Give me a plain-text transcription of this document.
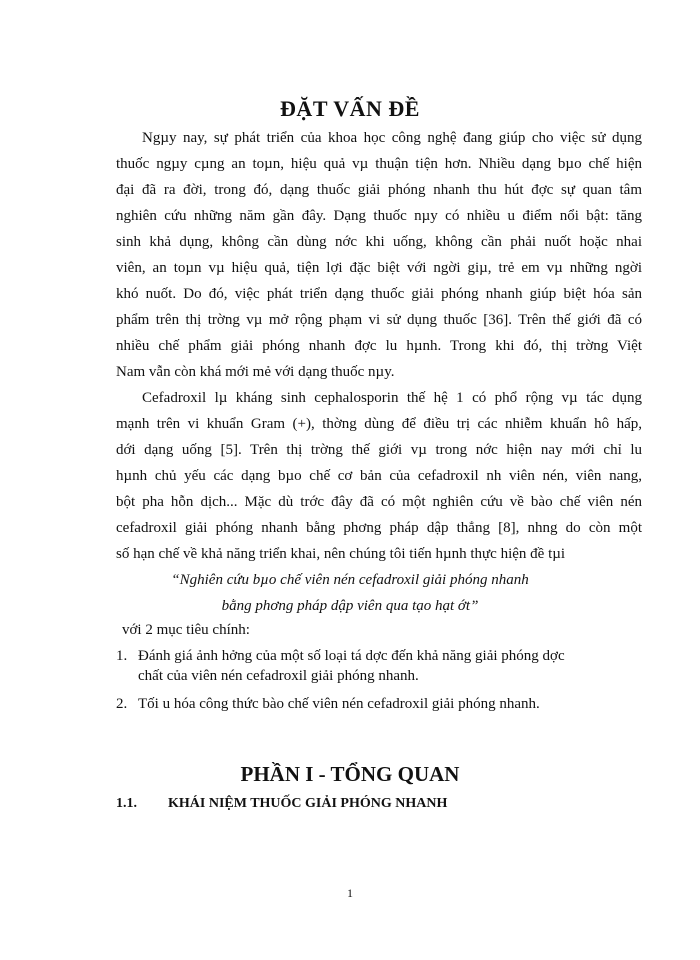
ĐẶT VẤN ĐỀ
Ngµy nay, sự phát triển của khoa học công nghệ đang giúp cho việc sử dụng
thuốc ngµy cµng an toµn, hiệu quả vµ thuận tiện hơn. Nhiều dạng bµo chế hiện
đại đã ra đời, trong đó, dạng thuốc giải phóng nhanh thu hút đợc sự quan tâm
nghiên cứu những năm gần đây. Dạng thuốc nµy có nhiều u điểm nổi bật: tăng
sinh khả dụng, không cần dùng nớc khi uống, không cần phải nuốt hoặc nhai
viên, an toµn vµ hiệu quả, tiện lợi đặc biệt với ngời giµ, trẻ em vµ những ngời
khó nuốt. Do đó, việc phát triển dạng thuốc giải phóng nhanh giúp biệt hóa sản
phẩm trên thị trờng vµ mở rộng phạm vi sử dụng thuốc [36]. Trên thế giới đã có
nhiều chế phẩm giải phóng nhanh đợc lu hµnh. Trong khi đó, thị trờng Việt
Nam vẫn còn khá mới mẻ với dạng thuốc nµy.
Cefadroxil lµ kháng sinh cephalosporin thế hệ 1 có phổ rộng vµ tác dụng
mạnh trên vi khuẩn Gram (+), thờng dùng để điều trị các nhiễm khuẩn hô hấp,
dới dạng uống [5]. Trên thị trờng thế giới vµ trong nớc hiện nay mới chỉ lu
hµnh chủ yếu các dạng bµo chế cơ bản của cefadroxil nh viên nén, viên nang,
bột pha hỗn dịch... Mặc dù trớc đây đã có một nghiên cứu về bào chế viên nén
cefadroxil giải phóng nhanh bằng phơng pháp dập thẳng [8], nhng do còn một
số hạn chế về khả năng triển khai, nên chúng tôi tiến hµnh thực hiện đề tµi
“Nghiên cứu bµo chế viên nén cefadroxil giải phóng nhanh
bằng phơng pháp dập viên qua tạo hạt ớt”
với 2 mục tiêu chính:
1. Đánh giá ảnh hởng của một số loại tá dợc đến khả năng giải phóng dợc
chất của viên nén cefadroxil giải phóng nhanh.
2. Tối u hóa công thức bào chế viên nén cefadroxil giải phóng nhanh.
PHẦN I - TỔNG QUAN
1.1. KHÁI NIỆM THUỐC GIẢI PHÓNG NHANH
1
